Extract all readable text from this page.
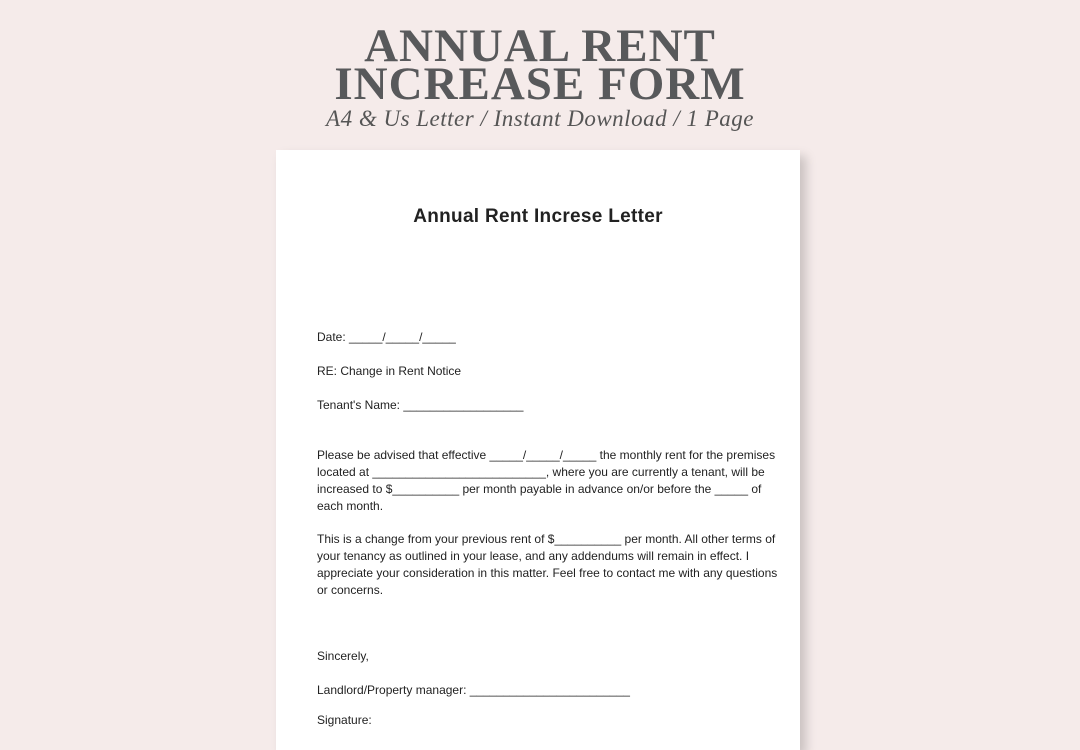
ANNUAL RENT
INCREASE FORM
A4 & Us Letter / Instant Download / 1 Page
Annual Rent Increse Letter
Date: _____/_____/_____
RE: Change in Rent Notice
Tenant's Name: __________________

Please be advised that effective _____/_____/_____ the monthly rent for the premises

located at __________________________, where you are currently a tenant, will be

increased to $__________ per month payable in advance on/or before the _____ of

each month.

This is a change from your previous rent of $__________ per month. All other terms of

your tenancy as outlined in your lease, and any addendums will remain in effect. I

appreciate your consideration in this matter. Feel free to contact me with any questions

or concerns.

Sincerely,
Landlord/Property manager: ________________________
Signature:
